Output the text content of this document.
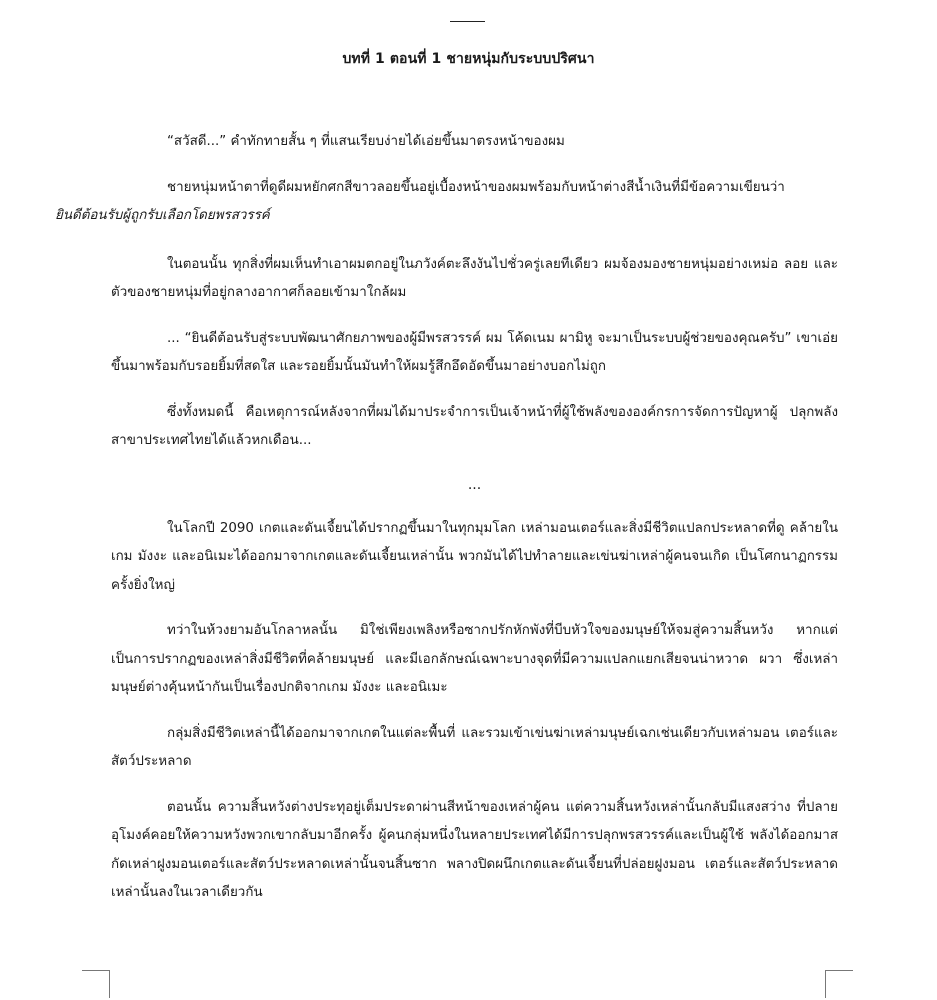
บทที่ 1 ตอนที่ 1 ชายหนุ่มกับระบบปริศนา

“สวัสดี...” คำทักทายสั้น ๆ ที่แสนเรียบง่ายได้เอ่ยขึ้นมาตรงหน้าของผม

ชายหนุ่มหน้าตาที่ดูดีผมหยักศกสีขาวลอยขึ้นอยู่เบื้องหน้าของผมพร้อมกับหน้าต่างสีน้ำเงินที่มีข้อความเขียนว่า
ยินดีต้อนรับผู้ถูกรับเลือกโดยพรสวรรค์

ในตอนนั้น ทุกสิ่งที่ผมเห็นทำเอาผมตกอยู่ในภวังค์ตะลึงงันไปชั่วครู่เลยทีเดียว ผมจ้องมองชายหนุ่มอย่างเหม่อ ลอย และตัวของชายหนุ่มที่อยู่กลางอากาศก็ลอยเข้ามาใกล้ผม

... “ยินดีต้อนรับสู่ระบบพัฒนาศักยภาพของผู้มีพรสวรรค์ ผม โค้ดเนม ผามิหู จะมาเป็นระบบผู้ช่วยของคุณครับ” เขาเอ่ยขึ้นมาพร้อมกับรอยยิ้มที่สดใส และรอยยิ้มนั้นมันทำให้ผมรู้สึกอึดอัดขึ้นมาอย่างบอกไม่ถูก

ซึ่งทั้งหมดนี้ คือเหตุการณ์หลังจากที่ผมได้มาประจำการเป็นเจ้าหน้าที่ผู้ใช้พลังขององค์กรการจัดการปัญหาผู้ ปลุกพลังสาขาประเทศไทยได้แล้วหกเดือน...

...

ในโลกปี 2090 เกตและดันเจี้ยนได้ปรากฏขึ้นมาในทุกมุมโลก เหล่ามอนเตอร์และสิ่งมีชีวิตแปลกประหลาดที่ดู คล้ายในเกม มังงะ และอนิเมะได้ออกมาจากเกตและดันเจี้ยนเหล่านั้น พวกมันได้ไปทำลายและเข่นฆ่าเหล่าผู้คนจนเกิด เป็นโศกนาฏกรรมครั้งยิ่งใหญ่

ทว่าในห้วงยามอันโกลาหลนั้น มิใช่เพียงเพลิงหรือซากปรักหักพังที่บีบหัวใจของมนุษย์ให้จมสู่ความสิ้นหวัง หากแต่เป็นการปรากฏของเหล่าสิ่งมีชีวิตที่คล้ายมนุษย์ และมีเอกลักษณ์เฉพาะบางจุดที่มีความแปลกแยกเสียจนน่าหวาด ผวา ซึ่งเหล่ามนุษย์ต่างคุ้นหน้ากันเป็นเรื่องปกติจากเกม มังงะ และอนิเมะ

กลุ่มสิ่งมีชีวิตเหล่านี้ได้ออกมาจากเกตในแต่ละพื้นที่ และรวมเข้าเข่นฆ่าเหล่ามนุษย์เฉกเช่นเดียวกับเหล่ามอน เตอร์และสัตว์ประหลาด

ตอนนั้น ความสิ้นหวังต่างประทุอยู่เต็มประดาผ่านสีหน้าของเหล่าผู้คน แต่ความสิ้นหวังเหล่านั้นกลับมีแสงสว่าง ที่ปลายอุโมงค์คอยให้ความหวังพวกเขากลับมาอีกครั้ง ผู้คนกลุ่มหนึ่งในหลายประเทศได้มีการปลุกพรสวรรค์และเป็นผู้ใช้ พลังได้ออกมาสกัดเหล่าฝูงมอนเตอร์และสัตว์ประหลาดเหล่านั้นจนสิ้นซาก พลางปิดผนึกเกตและดันเจี้ยนที่ปล่อยฝูงมอน เตอร์และสัตว์ประหลาดเหล่านั้นลงในเวลาเดียวกัน
